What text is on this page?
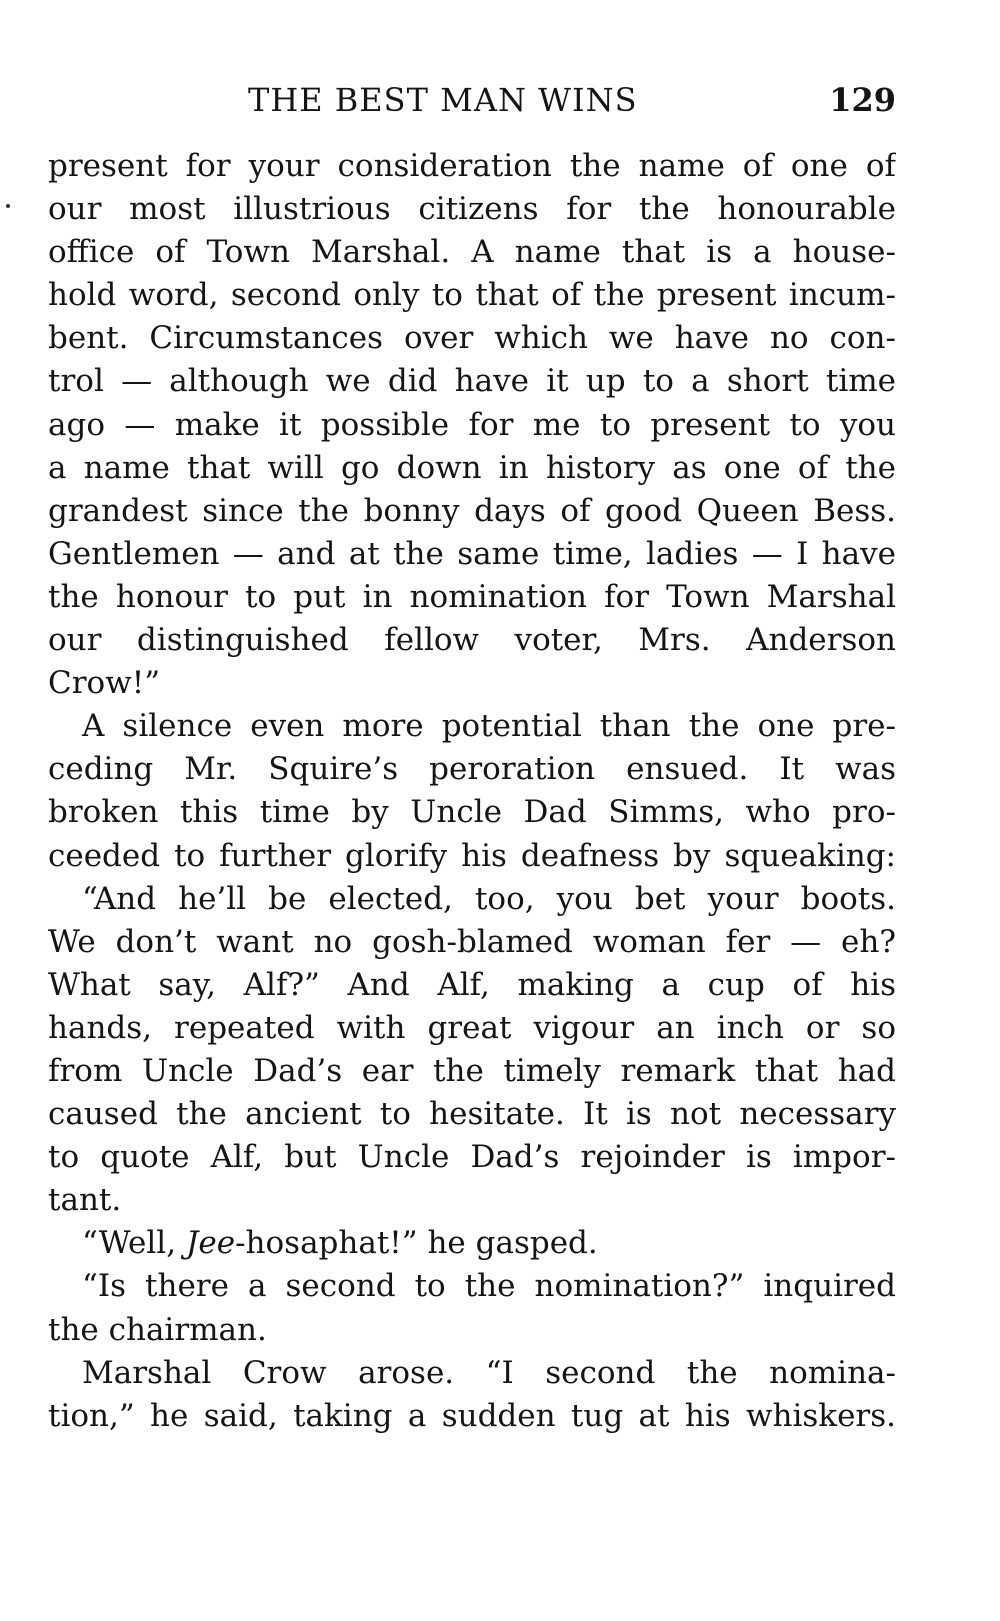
THE BEST MAN WINS	129
present for your consideration the name of one of
our most illustrious citizens for the honourable
office of Town Marshal. A name that is a house-
hold word, second only to that of the present incum-
bent. Circumstances over which we have no con-
trol — although we did have it up to a short time
ago — make it possible for me to present to you
a name that will go down in history as one of the
grandest since the bonny days of good Queen Bess.
Gentlemen — and at the same time, ladies — I have
the honour to put in nomination for Town Marshal
our distinguished fellow voter, Mrs. Anderson
Crow!”
A silence even more potential than the one pre-
ceding Mr. Squire’s peroration ensued. It was
broken this time by Uncle Dad Simms, who pro-
ceeded to further glorify his deafness by squeaking:
“And he’ll be elected, too, you bet your boots.
We don’t want no gosh-blamed woman fer — eh?
What say, Alf?” And Alf, making a cup of his
hands, repeated with great vigour an inch or so
from Uncle Dad’s ear the timely remark that had
caused the ancient to hesitate. It is not necessary
to quote Alf, but Uncle Dad’s rejoinder is impor-
tant.
“Well, Jee-hosaphat!” he gasped.
“Is there a second to the nomination?” inquired
the chairman.
Marshal Crow arose. “I second the nomina-
tion,” he said, taking a sudden tug at his whiskers.
